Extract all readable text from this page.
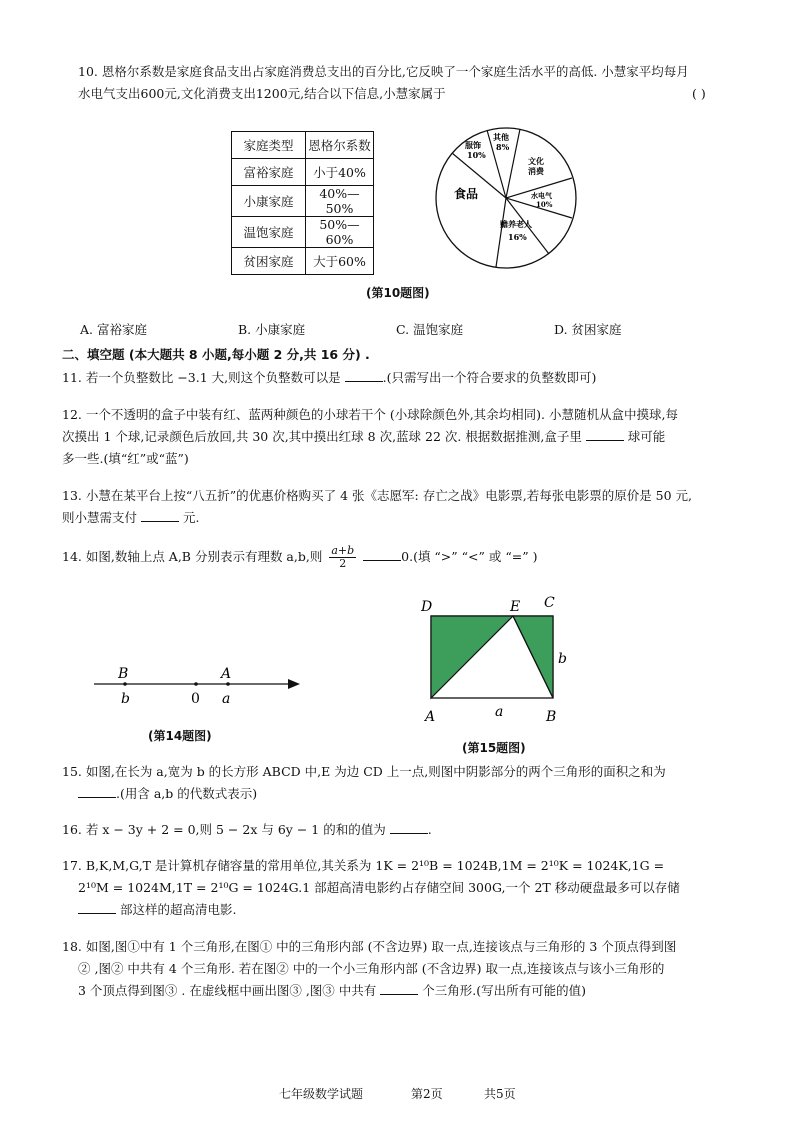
10. 恩格尔系数是家庭食品支出占家庭消费总支出的百分比,它反映了一个家庭生活水平的高低. 小慧家平均每月
水电气支出600元,文化消费支出1200元,结合以下信息,小慧家属于	( )
家庭类型	恩格尔系数
富裕家庭	小于40%
小康家庭	40%—50%
温饱家庭	50%—60%
贫困家庭	大于60%
食品
服饰
10%
其他
8%
文化
消费
水电气
10%
赡养老人
16%
(第10题图)
A. 富裕家庭	B. 小康家庭	C. 温饱家庭	D. 贫困家庭
二、填空题 (本大题共 8 小题,每小题 2 分,共 16 分) .
11. 若一个负整数比 −3.1 大,则这个负整数可以是	.(只需写出一个符合要求的负整数即可)
12. 一个不透明的盒子中装有红、蓝两种颜色的小球若干个 (小球除颜色外,其余均相同). 小慧随机从盒中摸球,每
次摸出 1 个球,记录颜色后放回,共 30 次,其中摸出红球 8 次,蓝球 22 次. 根据数据推测,盒子里	球可能
多一些.(填“红”或“蓝”)
13. 小慧在某平台上按“八五折”的优惠价格购买了 4 张《志愿军: 存亡之战》电影票,若每张电影票的原价是 50 元,
则小慧需支付	元.
14. 如图,数轴上点 A,B 分别表示有理数 a,b,则 $\frac{a+b}{2}$	0.(填 “>” “<” 或 “=” )
B	A
b	0 a
(第14题图)
D	E C
A	B
a
b
(第15题图)
15. 如图,在长为 a,宽为 b 的长方形 ABCD 中,E 为边 CD 上一点,则图中阴影部分的两个三角形的面积之和为
.(用含 a,b 的代数式表示)
16. 若 x − 3y + 2 = 0,则 5 − 2x 与 6y − 1 的和的值为	.
17. B,K,M,G,T 是计算机存储容量的常用单位,其关系为 1K = 2¹⁰B = 1024B,1M = 2¹⁰K = 1024K,1G =
2¹⁰M = 1024M,1T = 2¹⁰G = 1024G.1 部超高清电影约占存储空间 300G,一个 2T 移动硬盘最多可以存储
部这样的超高清电影.
18. 如图,图①中有 1 个三角形,在图① 中的三角形内部 (不含边界) 取一点,连接该点与三角形的 3 个顶点得到图
② ,图② 中共有 4 个三角形. 若在图② 中的一个小三角形内部 (不含边界) 取一点,连接该点与该小三角形的
3 个顶点得到图③ . 在虚线框中画出图③ ,图③ 中共有	个三角形.(写出所有可能的值)
七年级数学试题	第2页	共5页
